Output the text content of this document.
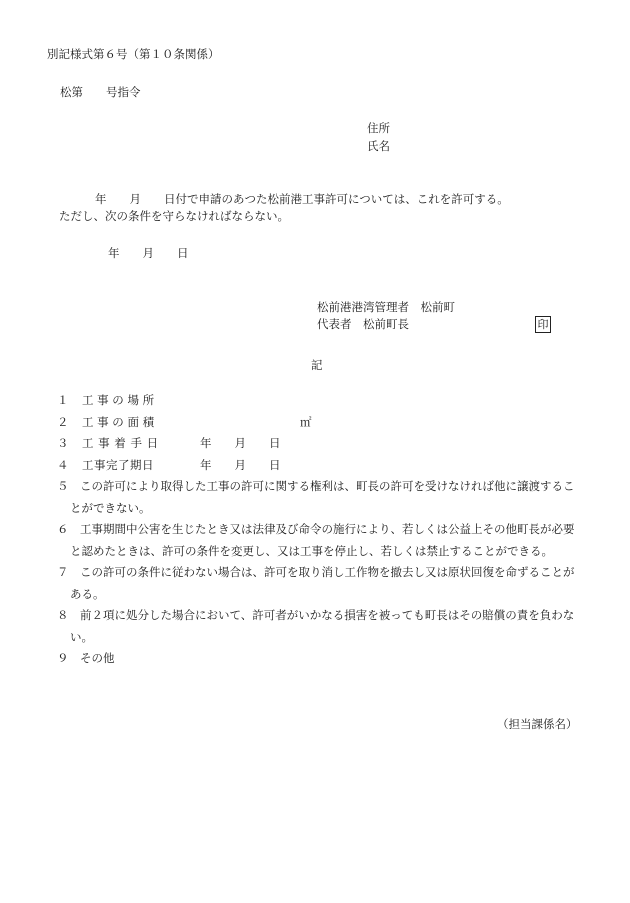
別記様式第６号（第１０条関係）
松第　　号指令
住所
氏名
年　　月　　日付で申請のあつた松前港工事許可については、これを許可する。
ただし、次の条件を守らなければならない。
年　　月　　日
松前港港湾管理者　松前町
代表者　松前町長	印
記
１	工 事 の 場 所
２	工 事 の 面 積	㎡
３	工 事 着 手 日	年　　月　　日
４	工事完了期日	年　　月　　日
５　 この許可により取得した工事の許可に関する権利は、町長の許可を受けなければ他に譲渡することができない。
６　 工事期間中公害を生じたとき又は法律及び命令の施行により、若しくは公益上その他町長が必要と認めたときは、許可の条件を変更し、又は工事を停止し、若しくは禁止することができる。
７　 この許可の条件に従わない場合は、許可を取り消し工作物を撤去し又は原状回復を命ずることがある。
８　 前２項に処分した場合において、許可者がいかなる損害を被っても町長はその賠償の責を負わない。
９　 その他
（担当課係名）
